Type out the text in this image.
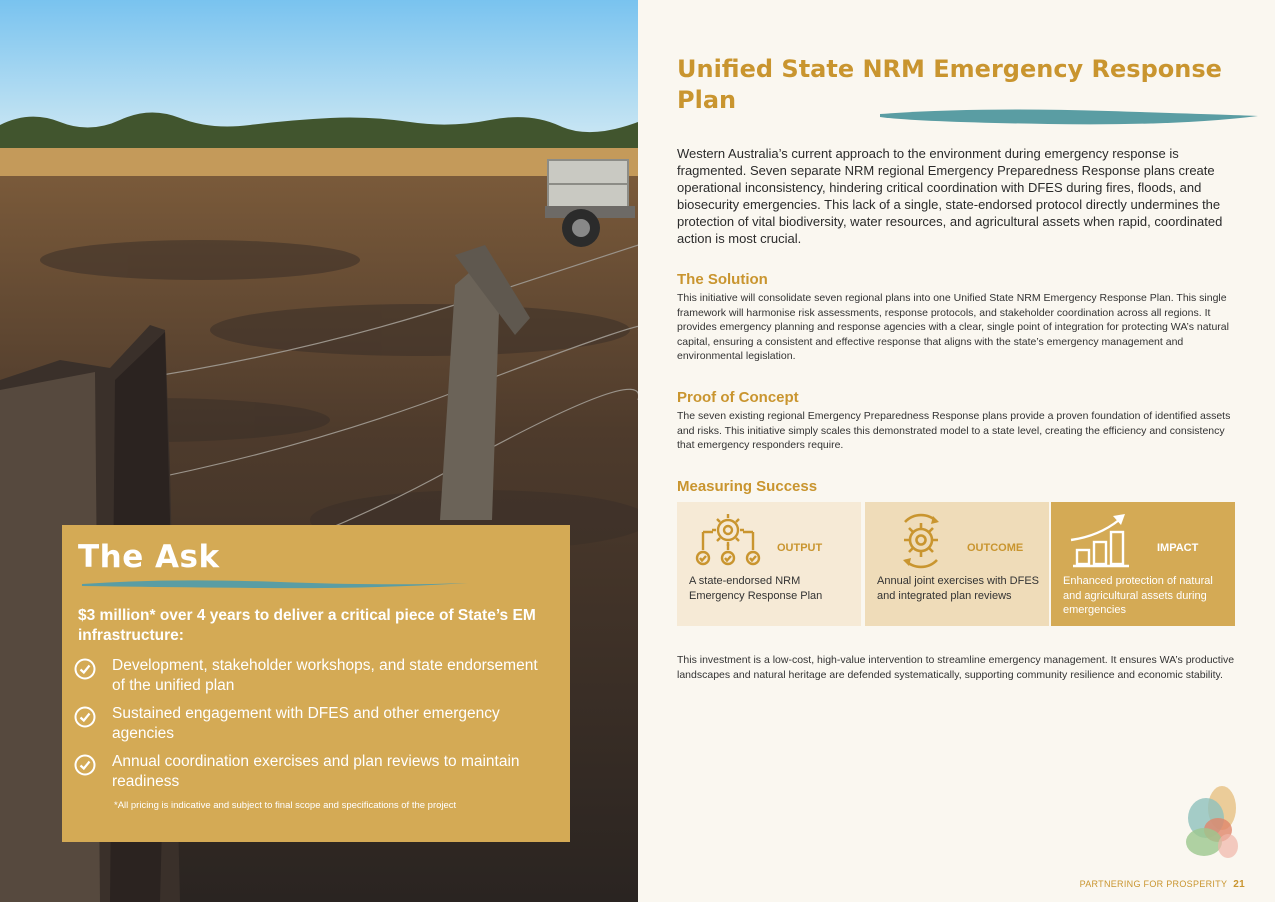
The Ask
$3 million* over 4 years to deliver a critical piece of State’s EM infrastructure:
Development, stakeholder workshops, and state endorsement of the unified plan
Sustained engagement with DFES and other emergency agencies
Annual coordination exercises and plan reviews to maintain readiness
*All pricing is indicative and subject to final scope and specifications of the project
Unified State NRM Emergency Response Plan

Western Australia’s current approach to the environment during emergency response is fragmented. Seven separate NRM regional Emergency Preparedness Response plans create operational inconsistency, hindering critical coordination with DFES during fires, floods, and biosecurity emergencies. This lack of a single, state-endorsed protocol directly undermines the protection of vital biodiversity, water resources, and agricultural assets when rapid, coordinated action is most crucial.

The Solution

This initiative will consolidate seven regional plans into one Unified State NRM Emergency Response Plan. This single framework will harmonise risk assessments, response protocols, and stakeholder coordination across all regions. It provides emergency planning and response agencies with a clear, single point of integration for protecting WA’s natural capital, ensuring a consistent and effective response that aligns with the state’s emergency management and environmental legislation.

Proof of Concept

The seven existing regional Emergency Preparedness Response plans provide a proven foundation of identified assets and risks. This initiative simply scales this demonstrated model to a state level, creating the efficiency and consistency that emergency responders require.

Measuring Success
OUTPUT
A state-endorsed NRM Emergency Response Plan
OUTCOME
Annual joint exercises with DFES and integrated plan reviews
IMPACT
Enhanced protection of natural and agricultural assets during emergencies

This investment is a low-cost, high-value intervention to streamline emergency management. It ensures WA’s productive landscapes and natural heritage are defended systematically, supporting community resilience and economic stability.

PARTNERING FOR PROSPERITY 21
